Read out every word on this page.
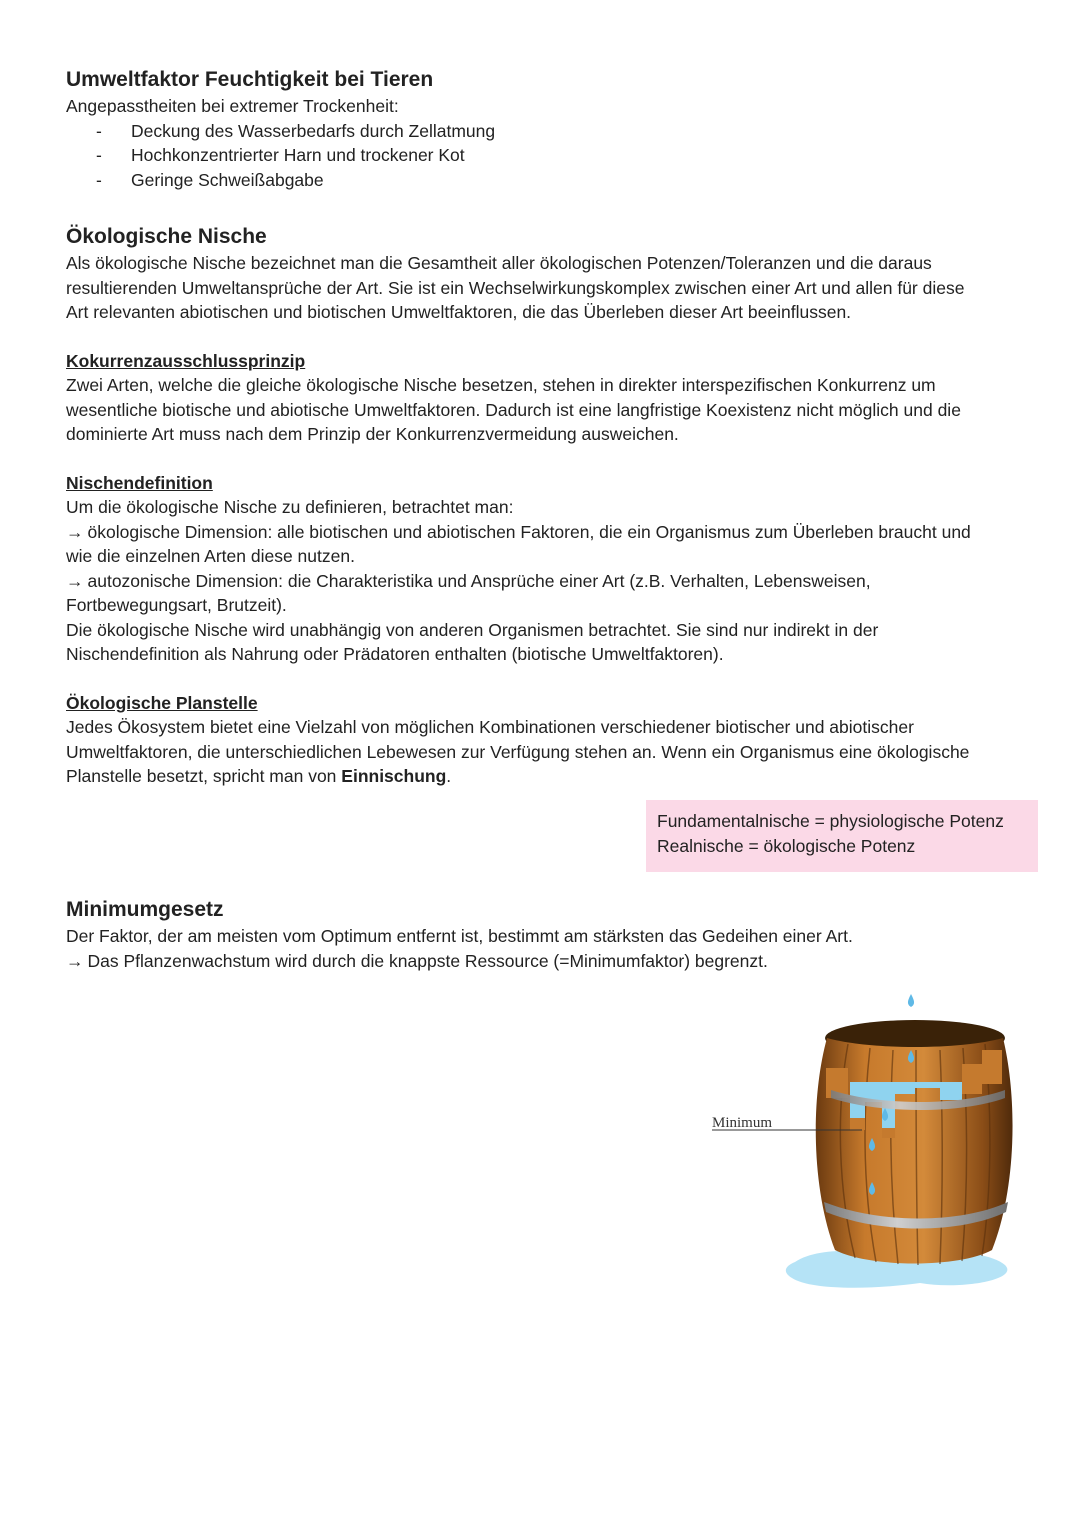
Umweltfaktor Feuchtigkeit bei Tieren

Angepasstheiten bei extremer Trockenheit:

- Deckung des Wasserbedarfs durch Zellatmung
- Hochkonzentrierter Harn und trockener Kot
- Geringe Schweißabgabe
Ökologische Nische

Als ökologische Nische bezeichnet man die Gesamtheit aller ökologischen Potenzen/Toleranzen und die daraus

resultierenden Umweltansprüche der Art. Sie ist ein Wechselwirkungskomplex zwischen einer Art und allen für diese

Art relevanten abiotischen und biotischen Umweltfaktoren, die das Überleben dieser Art beeinflussen.

Kokurrenzausschlussprinzip

Zwei Arten, welche die gleiche ökologische Nische besetzen, stehen in direkter interspezifischen Konkurrenz um

wesentliche biotische und abiotische Umweltfaktoren. Dadurch ist eine langfristige Koexistenz nicht möglich und die

dominierte Art muss nach dem Prinzip der Konkurrenzvermeidung ausweichen.

Nischendefinition

Um die ökologische Nische zu definieren, betrachtet man:

→ ökologische Dimension: alle biotischen und abiotischen Faktoren, die ein Organismus zum Überleben braucht und

wie die einzelnen Arten diese nutzen.

→ autozonische Dimension: die Charakteristika und Ansprüche einer Art (z.B. Verhalten, Lebensweisen,

Fortbewegungsart, Brutzeit).

Die ökologische Nische wird unabhängig von anderen Organismen betrachtet. Sie sind nur indirekt in der

Nischendefinition als Nahrung oder Prädatoren enthalten (biotische Umweltfaktoren).

Ökologische Planstelle

Jedes Ökosystem bietet eine Vielzahl von möglichen Kombinationen verschiedener biotischer und abiotischer

Umweltfaktoren, die unterschiedlichen Lebewesen zur Verfügung stehen an. Wenn ein Organismus eine ökologische

Planstelle besetzt, spricht man von Einnischung.

Fundamentalnische = physiologische Potenz

Realnische = ökologische Potenz

Minimumgesetz

Der Faktor, der am meisten vom Optimum entfernt ist, bestimmt am stärksten das Gedeihen einer Art.

→ Das Pflanzenwachstum wird durch die knappste Ressource (=Minimumfaktor) begrenzt.

Minimum
